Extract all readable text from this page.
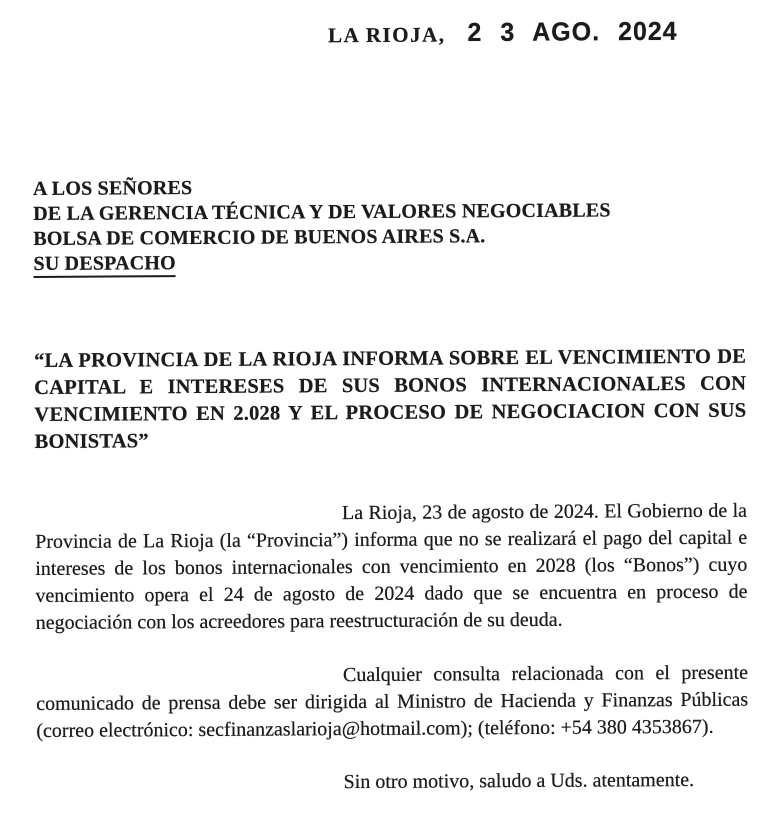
LA RIOJA, 2 3 AGO. 2024
A LOS SEÑORES
DE LA GERENCIA TÉCNICA Y DE VALORES NEGOCIABLES
BOLSA DE COMERCIO DE BUENOS AIRES S.A.
SU DESPACHO
“LA PROVINCIA DE LA RIOJA INFORMA SOBRE EL VENCIMIENTO DE CAPITAL E INTERESES DE SUS BONOS INTERNACIONALES CON VENCIMIENTO EN 2.028 Y EL PROCESO DE NEGOCIACION CON SUS BONISTAS”
La Rioja, 23 de agosto de 2024. El Gobierno de la Provincia de La Rioja (la “Provincia”) informa que no se realizará el pago del capital e intereses de los bonos internacionales con vencimiento en 2028 (los “Bonos”) cuyo vencimiento opera el 24 de agosto de 2024 dado que se encuentra en proceso de negociación con los acreedores para reestructuración de su deuda.
Cualquier consulta relacionada con el presente comunicado de prensa debe ser dirigida al Ministro de Hacienda y Finanzas Públicas (correo electrónico: secfinanzaslarioja@hotmail.com); (teléfono: +54 380 4353867).
Sin otro motivo, saludo a Uds. atentamente.
